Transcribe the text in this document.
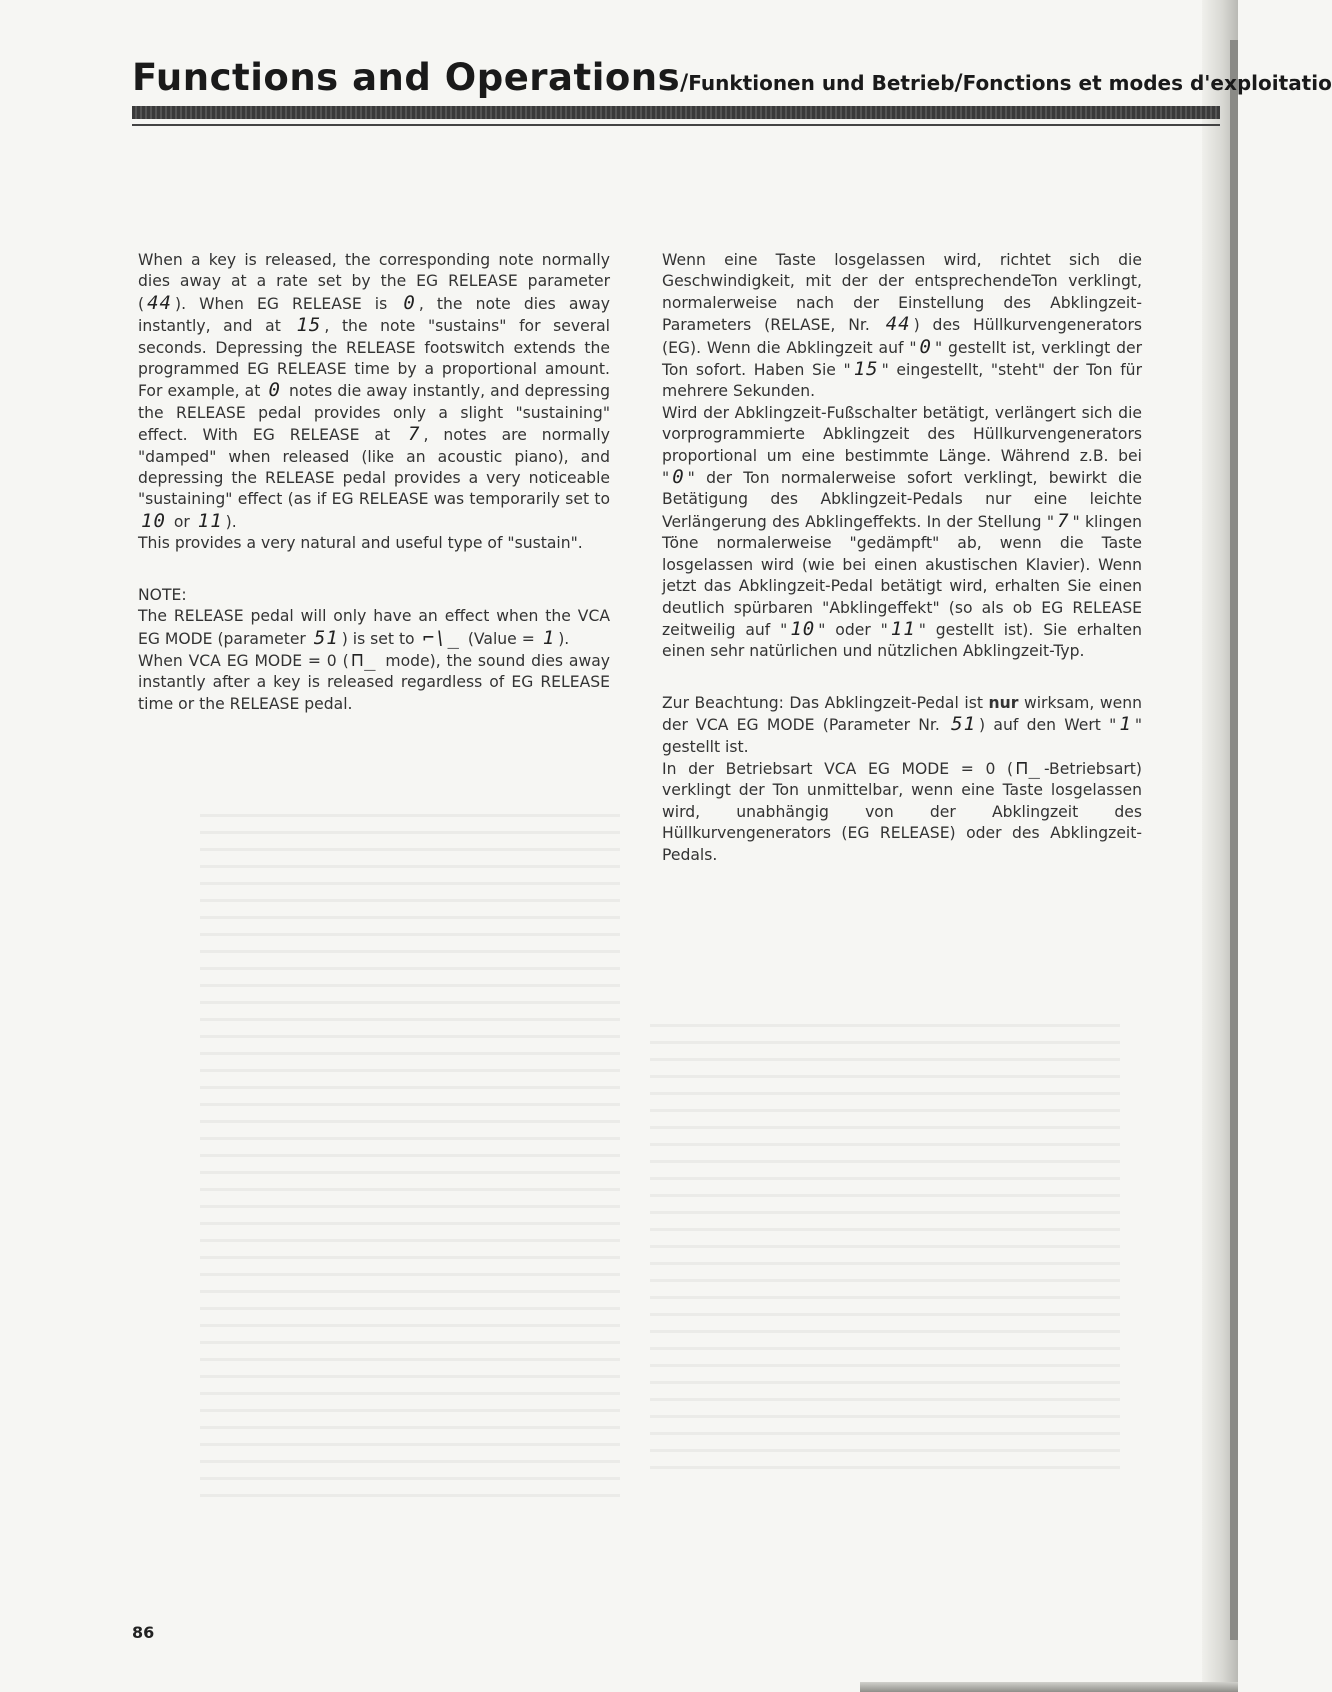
Functions and Operations/Funktionen und Betrieb/Fonctions et modes d'exploitatio

When a key is released, the corresponding note normally dies away at a rate set by the EG RELEASE parameter ( 44 ). When EG RELEASE is 0 , the note dies away instantly, and at 15 , the note "sustains" for several seconds. Depressing the RELEASE footswitch extends the programmed EG RELEASE time by a proportional amount. For example, at 0 notes die away instantly, and depressing the RELEASE pedal provides only a slight "sustaining" effect. With EG RELEASE at 7 , notes are normally "damped" when released (like an acoustic piano), and depressing the RELEASE pedal provides a very noticeable "sustaining" effect (as if EG RELEASE was temporarily set to 10 or 11 ).

This provides a very natural and useful type of "sustain".

NOTE:

The RELEASE pedal will only have an effect when the VCA EG MODE (parameter 51 ) is set to ⌐\_ (Value = 1 ).

When VCA EG MODE = 0 ( ⊓_ mode), the sound dies away instantly after a key is released regardless of EG RELEASE time or the RELEASE pedal.

Wenn eine Taste losgelassen wird, richtet sich die Geschwindigkeit, mit der der entsprechendeTon verklingt, normalerweise nach der Einstellung des Abklingzeit-Parameters (RELASE, Nr. 44 ) des Hüllkurvengenerators (EG). Wenn die Abklingzeit auf " 0 " gestellt ist, verklingt der Ton sofort. Haben Sie " 15 " eingestellt, "steht" der Ton für mehrere Sekunden.

Wird der Abklingzeit-Fußschalter betätigt, verlängert sich die vorprogrammierte Abklingzeit des Hüllkurvengenerators proportional um eine bestimmte Länge. Während z.B. bei " 0 " der Ton normalerweise sofort verklingt, bewirkt die Betätigung des Abklingzeit-Pedals nur eine leichte Verlängerung des Abklingeffekts. In der Stellung " 7 " klingen Töne normalerweise "gedämpft" ab, wenn die Taste losgelassen wird (wie bei einen akustischen Klavier). Wenn jetzt das Abklingzeit-Pedal betätigt wird, erhalten Sie einen deutlich spürbaren "Abklingeffekt" (so als ob EG RELEASE zeitweilig auf " 10 " oder " 11 " gestellt ist). Sie erhalten einen sehr natürlichen und nützlichen Abklingzeit-Typ.

Zur Beachtung: Das Abklingzeit-Pedal ist nur wirksam, wenn der VCA EG MODE (Parameter Nr. 51 ) auf den Wert " 1 " gestellt ist.

In der Betriebsart VCA EG MODE = 0 ( ⊓_ -Betriebsart) verklingt der Ton unmittelbar, wenn eine Taste losgelassen wird, unabhängig von der Abklingzeit des Hüllkurvengenerators (EG RELEASE) oder des Abklingzeit-Pedals.

86
